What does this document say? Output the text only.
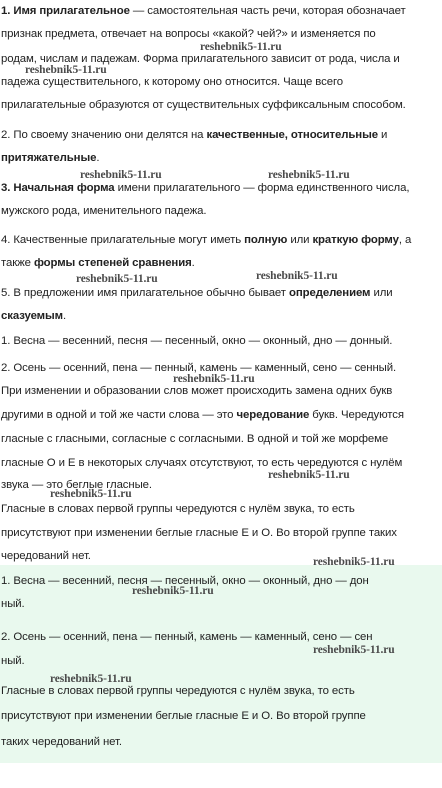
1. Имя прилагательное — самостоятельная часть речи, которая обозначает
признак предмета, отвечает на вопросы «какой? чей?» и изменяется по
родам, числам и падежам. Форма прилагательного зависит от рода, числа и
падежа существительного, к которому оно относится. Чаще всего
прилагательные образуются от существительных суффиксальным способом.
2. По своему значению они делятся на качественные, относительные и
притяжательные.
3. Начальная форма имени прилагательного — форма единственного числа,
мужского рода, именительного падежа.
4. Качественные прилагательные могут иметь полную или краткую форму, а
также формы степеней сравнения.
5. В предложении имя прилагательное обычно бывает определением или
сказуемым.
1. Весна — весенний, песня — песенный, окно — оконный, дно — донный.
2. Осень — осенний, пена — пенный, камень — каменный, сено — сенный.
При изменении и образовании слов может происходить замена одних букв
другими в одной и той же части слова — это чередование букв. Чередуются
гласные с гласными, согласные с согласными. В одной и той же морфеме
гласные О и Е в некоторых случаях отсутствуют, то есть чередуются с нулём
звука — это беглые гласные.
Гласные в словах первой группы чередуются с нулём звука, то есть
присутствуют при изменении беглые гласные Е и О. Во второй группе таких
чередований нет.
1. Весна — весенний, песня — песенный, окно — оконный, дно — дон
ный.
2. Осень — осенний, пена — пенный, камень — каменный, сено — сен
ный.
Гласные в словах первой группы чередуются с нулём звука, то есть
присутствуют при изменении беглые гласные Е и О. Во второй группе
таких чередований нет.
reshebnik5-11.ru
reshebnik5-11.ru
reshebnik5-11.ru	reshebnik5-11.ru
reshebnik5-11.ru
reshebnik5-11.ru
reshebnik5-11.ru
reshebnik5-11.ru
reshebnik5-11.ru
reshebnik5-11.ru
reshebnik5-11.ru
reshebnik5-11.ru
reshebnik5-11.ru
